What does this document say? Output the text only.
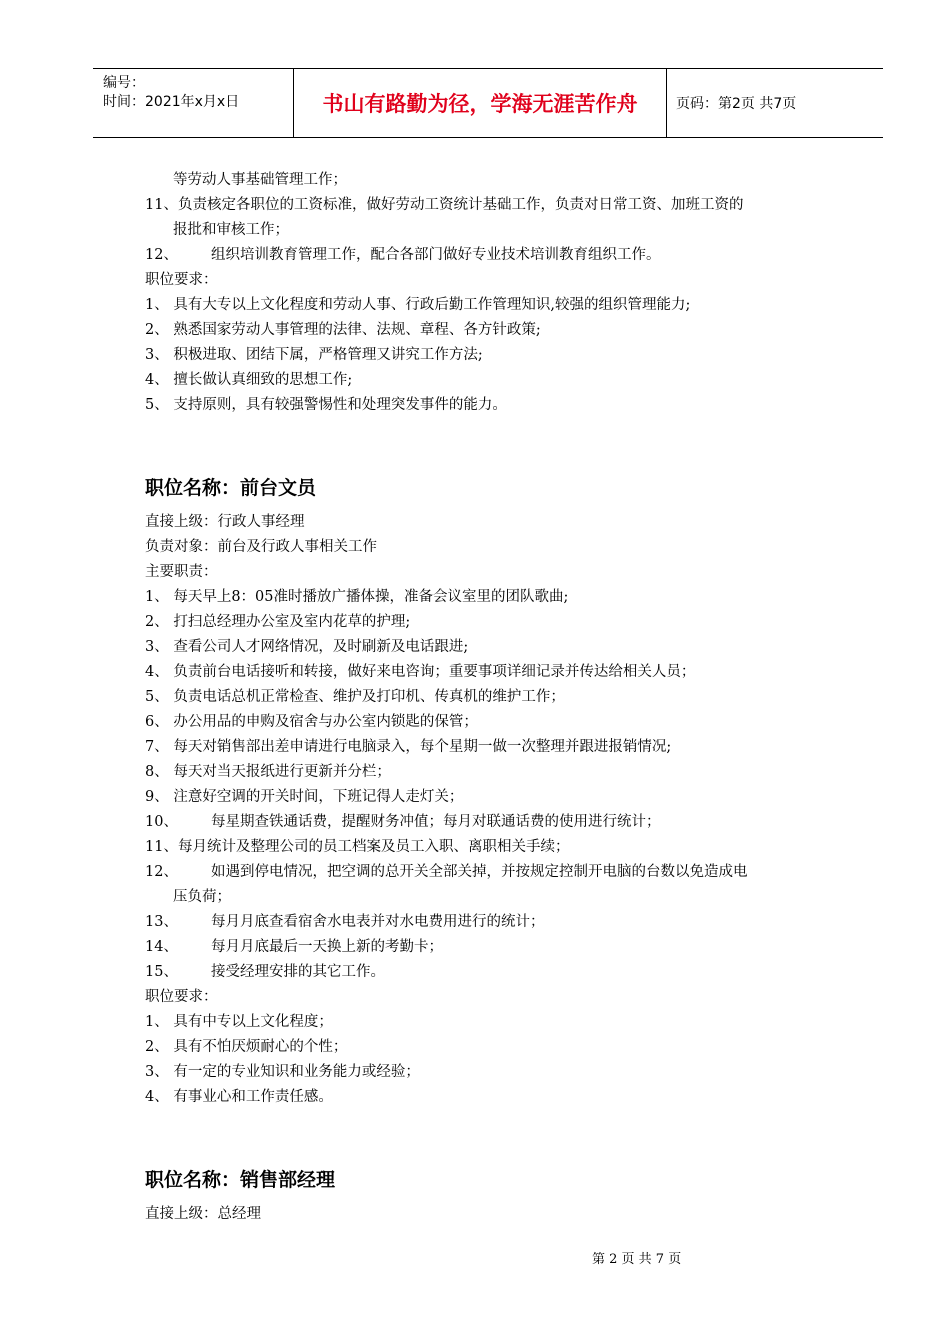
编号：
时间：2021年x月x日	书山有路勤为径，学海无涯苦作舟	页码：第2页 共7页
等劳动人事基础管理工作；
11、负责核定各职位的工资标准，做好劳动工资统计基础工作，负责对日常工资、加班工资的
报批和审核工作；
12、 组织培训教育管理工作，配合各部门做好专业技术培训教育组织工作。
职位要求：
1、 具有大专以上文化程度和劳动人事、行政后勤工作管理知识,较强的组织管理能力;
2、 熟悉国家劳动人事管理的法律、法规、章程、各方针政策;
3、 积极进取、团结下属，严格管理又讲究工作方法;
4、 擅长做认真细致的思想工作;
5、 支持原则，具有较强警惕性和处理突发事件的能力。
职位名称：前台文员
直接上级：行政人事经理
负责对象：前台及行政人事相关工作
主要职责：
1、 每天早上8：05准时播放广播体操，准备会议室里的团队歌曲;
2、 打扫总经理办公室及室内花草的护理;
3、 查看公司人才网络情况，及时刷新及电话跟进;
4、 负责前台电话接听和转接，做好来电咨询；重要事项详细记录并传达给相关人员；
5、 负责电话总机正常检查、维护及打印机、传真机的维护工作；
6、 办公用品的申购及宿舍与办公室内锁匙的保管；
7、 每天对销售部出差申请进行电脑录入，每个星期一做一次整理并跟进报销情况;
8、 每天对当天报纸进行更新并分栏；
9、 注意好空调的开关时间，下班记得人走灯关；
10、 每星期查铁通话费，提醒财务冲值；每月对联通话费的使用进行统计；
11、每月统计及整理公司的员工档案及员工入职、离职相关手续；
12、 如遇到停电情况，把空调的总开关全部关掉，并按规定控制开电脑的台数以免造成电
压负荷；
13、 每月月底查看宿舍水电表并对水电费用进行的统计；
14、 每月月底最后一天换上新的考勤卡；
15、 接受经理安排的其它工作。
职位要求：
1、 具有中专以上文化程度；
2、 具有不怕厌烦耐心的个性；
3、 有一定的专业知识和业务能力或经验；
4、 有事业心和工作责任感。
职位名称：销售部经理
直接上级：总经理
第 2 页 共 7 页
